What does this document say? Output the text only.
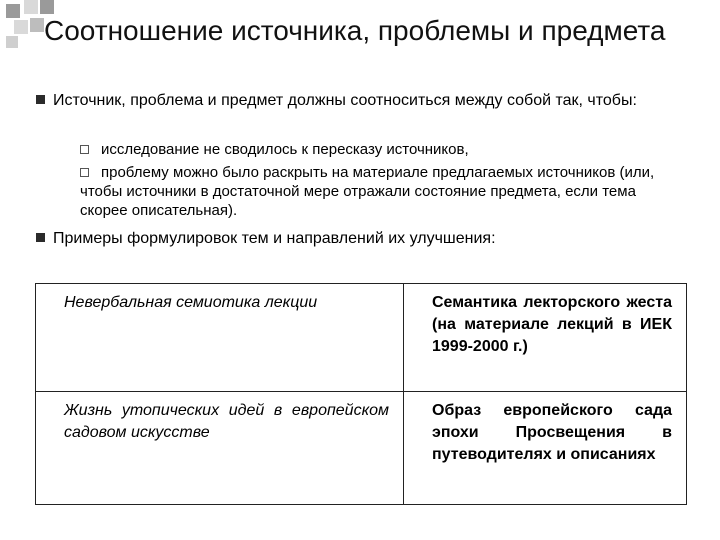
Соотношение источника, проблемы и предмета
Источник, проблема и предмет должны соотноситься между собой так, чтобы:
исследование не сводилось к пересказу источников,
проблему можно было раскрыть на материале предлагаемых источников (или, чтобы источники в достаточной мере отражали состояние предмета, если тема скорее описательная).
Примеры формулировок тем и направлений их улучшения:
Невербальная семиотика лекции	Семантика лекторского жеста (на материале лекций в ИЕК 1999-2000 г.)
Жизнь утопических идей в европейском садовом искусстве	Образ европейского сада эпохи Просвещения в путеводителях и описаниях
